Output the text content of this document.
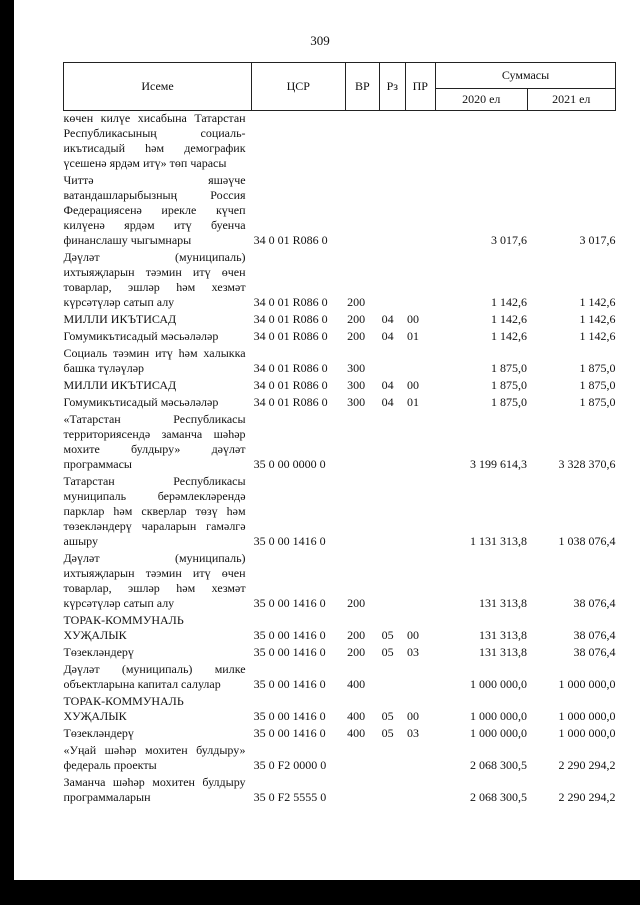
309
Исеме	ЦСР	ВР	Рз	ПР	Суммасы	
					2020 ел	2021 ел
көчен килүе хисабына Татарстан Республикасының социаль-икътисадый һәм демографик үсешенә ярдәм итү» төп чарасы						
Читтә яшәүче ватандашларыбызның Россия Федерациясенә ирекле күчеп килүенә ярдәм итү буенча финанслашу чыгымнары	34 0 01 R086 0				3 017,6	3 017,6
Дәүләт (муниципаль) ихтыяҗларын тәэмин итү өчен товарлар, эшләр һәм хезмәт күрсәтүләр сатып алу	34 0 01 R086 0	200			1 142,6	1 142,6
МИЛЛИ ИКЪТИСАД	34 0 01 R086 0	200	04	00	1 142,6	1 142,6
Гомумикътисадый мәсьәләләр	34 0 01 R086 0	200	04	01	1 142,6	1 142,6
Социаль тәэмин итү һәм халыкка башка түләүләр	34 0 01 R086 0	300			1 875,0	1 875,0
МИЛЛИ ИКЪТИСАД	34 0 01 R086 0	300	04	00	1 875,0	1 875,0
Гомумикътисадый мәсьәләләр	34 0 01 R086 0	300	04	01	1 875,0	1 875,0
«Татарстан Республикасы территориясендә заманча шәһәр мохите булдыру» дәүләт программасы	35 0 00 0000 0				3 199 614,3	3 328 370,6
Татарстан Республикасы муниципаль берәмлекләрендә парклар һәм скверлар төзү һәм төзекләндерү чараларын гамәлгә ашыру	35 0 00 1416 0				1 131 313,8	1 038 076,4
Дәүләт (муниципаль) ихтыяҗларын тәэмин итү өчен товарлар, эшләр һәм хезмәт күрсәтүләр сатып алу	35 0 00 1416 0	200			131 313,8	38 076,4
ТОРАК-КОММУНАЛЬ ХУҖАЛЫК	35 0 00 1416 0	200	05	00	131 313,8	38 076,4
Төзекләндерү	35 0 00 1416 0	200	05	03	131 313,8	38 076,4
Дәүләт (муниципаль) милке объектларына капитал салулар	35 0 00 1416 0	400			1 000 000,0	1 000 000,0
ТОРАК-КОММУНАЛЬ ХУҖАЛЫК	35 0 00 1416 0	400	05	00	1 000 000,0	1 000 000,0
Төзекләндерү	35 0 00 1416 0	400	05	03	1 000 000,0	1 000 000,0
«Уңай шәһәр мохитен булдыру» федераль проекты	35 0 F2 0000 0				2 068 300,5	2 290 294,2
Заманча шәһәр мохитен булдыру программаларын	35 0 F2 5555 0				2 068 300,5	2 290 294,2
